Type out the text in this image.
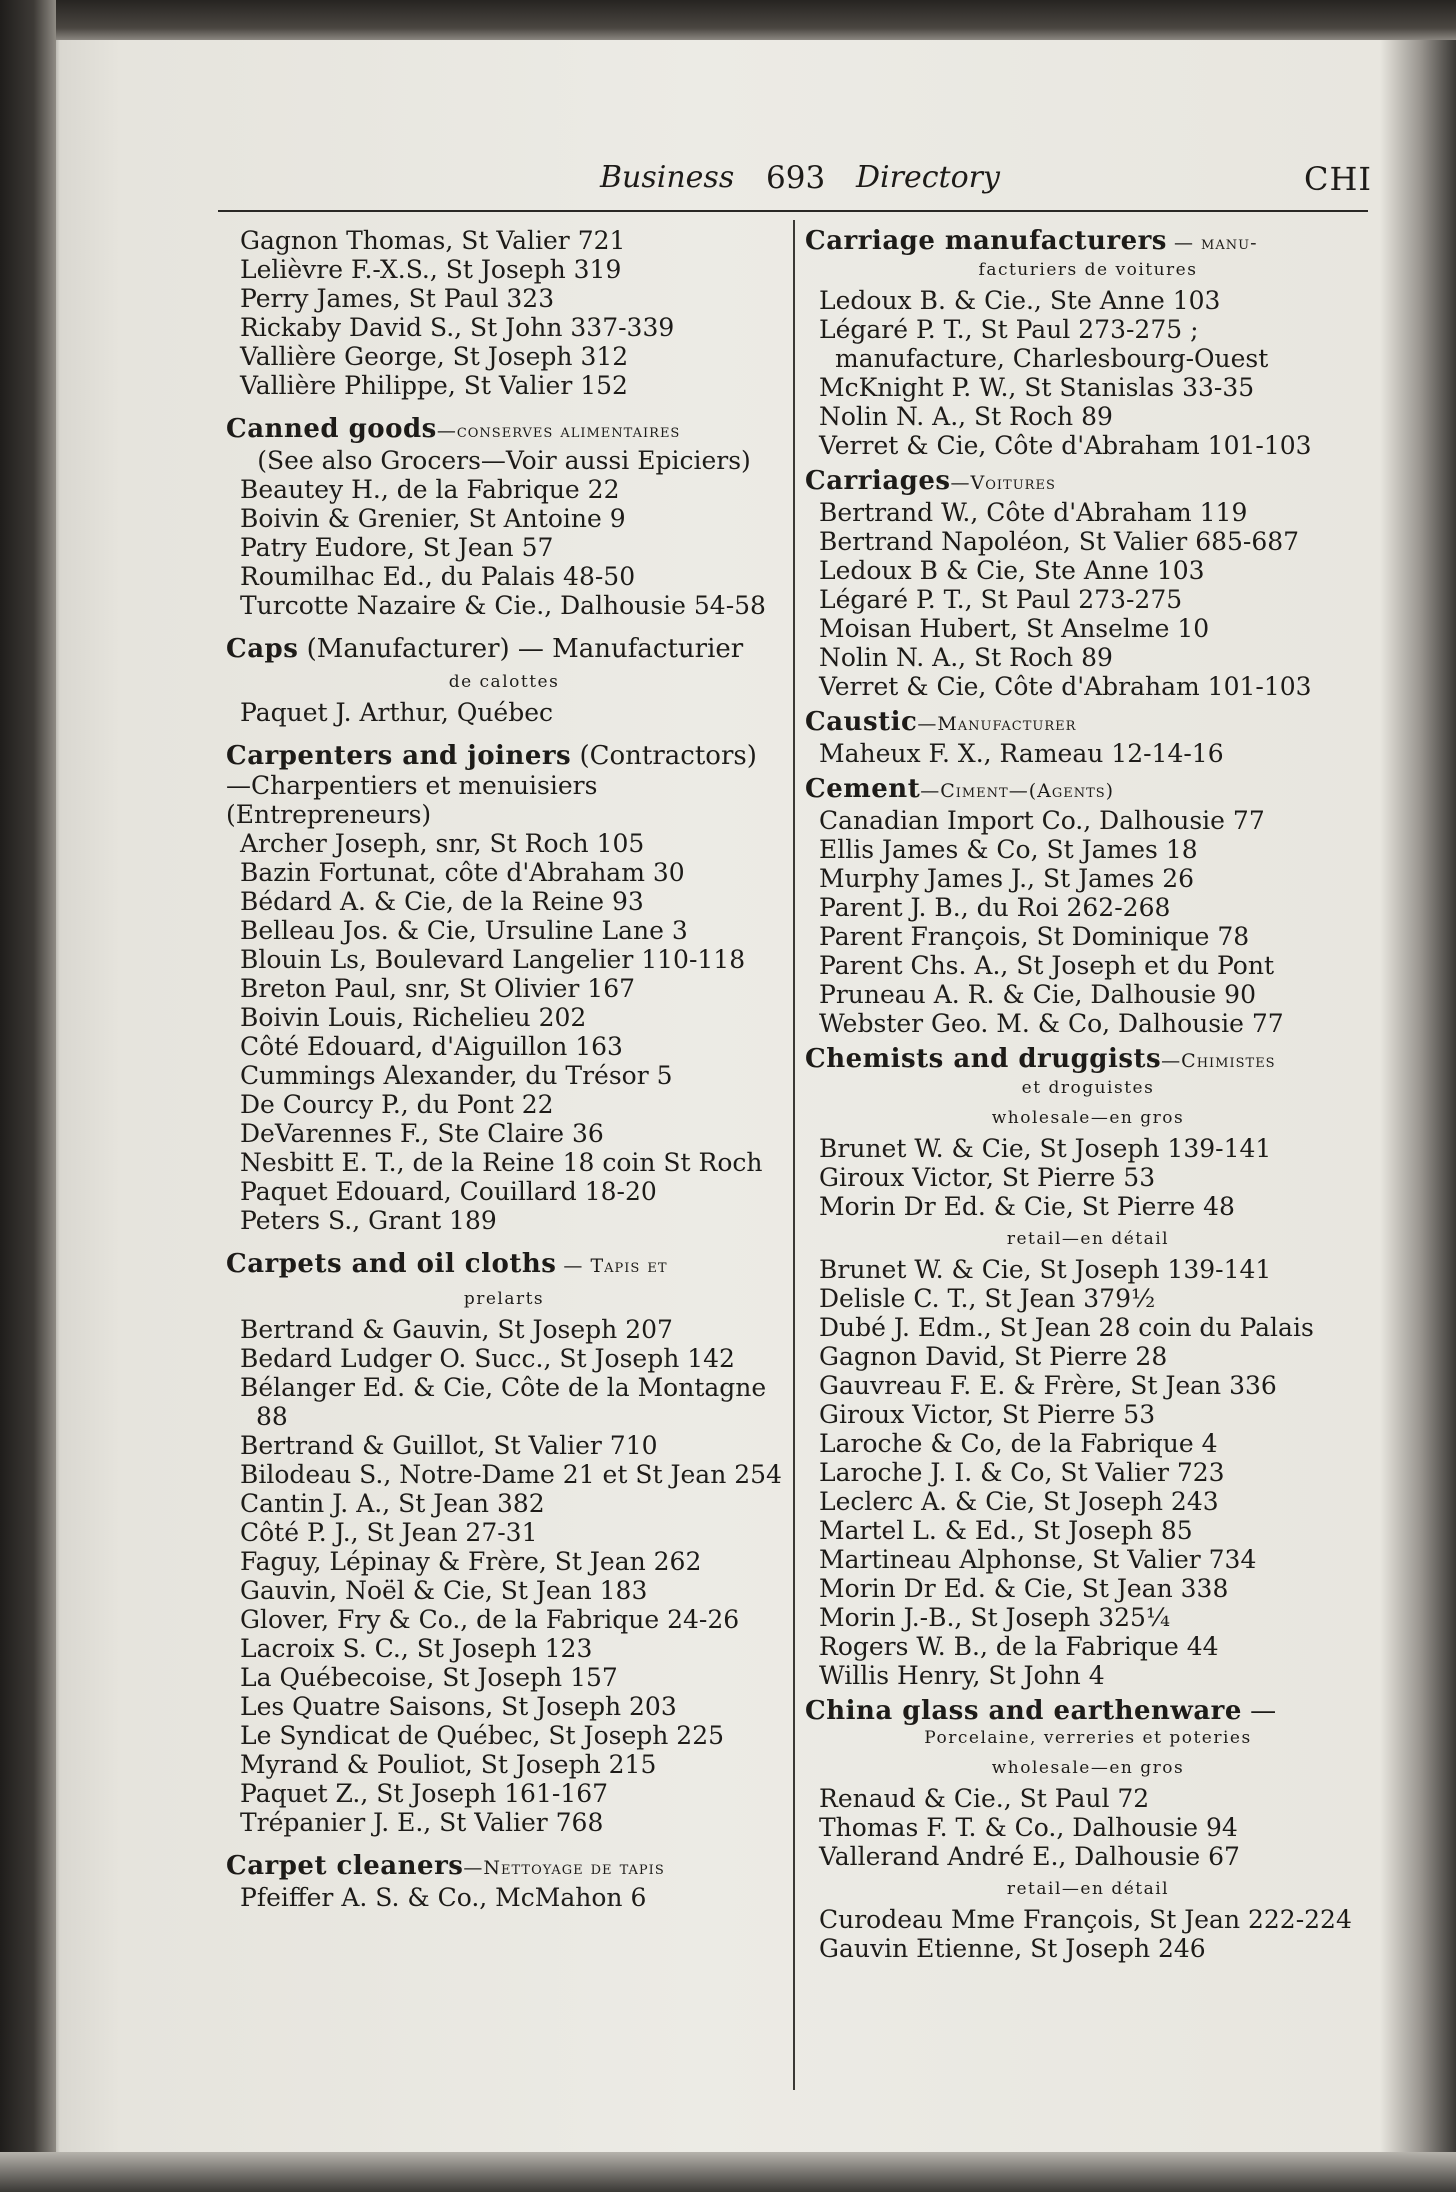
Business 693 Directory	CHI
Gagnon Thomas, St Valier 721
Lelièvre F.-X.S., St Joseph 319
Perry James, St Paul 323
Rickaby David S., St John 337-339
Vallière George, St Joseph 312
Vallière Philippe, St Valier 152
Canned goods—conserves alimentaires
(See also Grocers—Voir aussi Epiciers)
Beautey H., de la Fabrique 22
Boivin & Grenier, St Antoine 9
Patry Eudore, St Jean 57
Roumilhac Ed., du Palais 48-50
Turcotte Nazaire & Cie., Dalhousie 54-58
Caps (Manufacturer) — Manufacturier
de calottes
Paquet J. Arthur, Québec
Carpenters and joiners (Contractors)
—Charpentiers et menuisiers (Entrepreneurs)
Archer Joseph, snr, St Roch 105
Bazin Fortunat, côte d'Abraham 30
Bédard A. & Cie, de la Reine 93
Belleau Jos. & Cie, Ursuline Lane 3
Blouin Ls, Boulevard Langelier 110-118
Breton Paul, snr, St Olivier 167
Boivin Louis, Richelieu 202
Côté Edouard, d'Aiguillon 163
Cummings Alexander, du Trésor 5
De Courcy P., du Pont 22
DeVarennes F., Ste Claire 36
Nesbitt E. T., de la Reine 18 coin St Roch
Paquet Edouard, Couillard 18-20
Peters S., Grant 189
Carpets and oil cloths — Tapis et
prelarts
Bertrand & Gauvin, St Joseph 207
Bedard Ludger O. Succ., St Joseph 142
Bélanger Ed. & Cie, Côte de la Montagne 88
Bertrand & Guillot, St Valier 710
Bilodeau S., Notre-Dame 21 et St Jean 254
Cantin J. A., St Jean 382
Côté P. J., St Jean 27-31
Faguy, Lépinay & Frère, St Jean 262
Gauvin, Noël & Cie, St Jean 183
Glover, Fry & Co., de la Fabrique 24-26
Lacroix S. C., St Joseph 123
La Québecoise, St Joseph 157
Les Quatre Saisons, St Joseph 203
Le Syndicat de Québec, St Joseph 225
Myrand & Pouliot, St Joseph 215
Paquet Z., St Joseph 161-167
Trépanier J. E., St Valier 768
Carpet cleaners—Nettoyage de tapis
Pfeiffer A. S. & Co., McMahon 6
Carriage manufacturers — manu-
facturiers de voitures
Ledoux B. & Cie., Ste Anne 103
Légaré P. T., St Paul 273-275 ; manufacture, Charlesbourg-Ouest
McKnight P. W., St Stanislas 33-35
Nolin N. A., St Roch 89
Verret & Cie, Côte d'Abraham 101-103
Carriages—Voitures
Bertrand W., Côte d'Abraham 119
Bertrand Napoléon, St Valier 685-687
Ledoux B & Cie, Ste Anne 103
Légaré P. T., St Paul 273-275
Moisan Hubert, St Anselme 10
Nolin N. A., St Roch 89
Verret & Cie, Côte d'Abraham 101-103
Caustic—Manufacturer
Maheux F. X., Rameau 12-14-16
Cement—Ciment—(Agents)
Canadian Import Co., Dalhousie 77
Ellis James & Co, St James 18
Murphy James J., St James 26
Parent J. B., du Roi 262-268
Parent François, St Dominique 78
Parent Chs. A., St Joseph et du Pont
Pruneau A. R. & Cie, Dalhousie 90
Webster Geo. M. & Co, Dalhousie 77
Chemists and druggists—Chimistes
et droguistes
wholesale—en gros
Brunet W. & Cie, St Joseph 139-141
Giroux Victor, St Pierre 53
Morin Dr Ed. & Cie, St Pierre 48
retail—en détail
Brunet W. & Cie, St Joseph 139-141
Delisle C. T., St Jean 379½
Dubé J. Edm., St Jean 28 coin du Palais
Gagnon David, St Pierre 28
Gauvreau F. E. & Frère, St Jean 336
Giroux Victor, St Pierre 53
Laroche & Co, de la Fabrique 4
Laroche J. I. & Co, St Valier 723
Leclerc A. & Cie, St Joseph 243
Martel L. & Ed., St Joseph 85
Martineau Alphonse, St Valier 734
Morin Dr Ed. & Cie, St Jean 338
Morin J.-B., St Joseph 325¼
Rogers W. B., de la Fabrique 44
Willis Henry, St John 4
China glass and earthenware —
Porcelaine, verreries et poteries
wholesale—en gros
Renaud & Cie., St Paul 72
Thomas F. T. & Co., Dalhousie 94
Vallerand André E., Dalhousie 67
retail—en détail
Curodeau Mme François, St Jean 222-224
Gauvin Etienne, St Joseph 246
